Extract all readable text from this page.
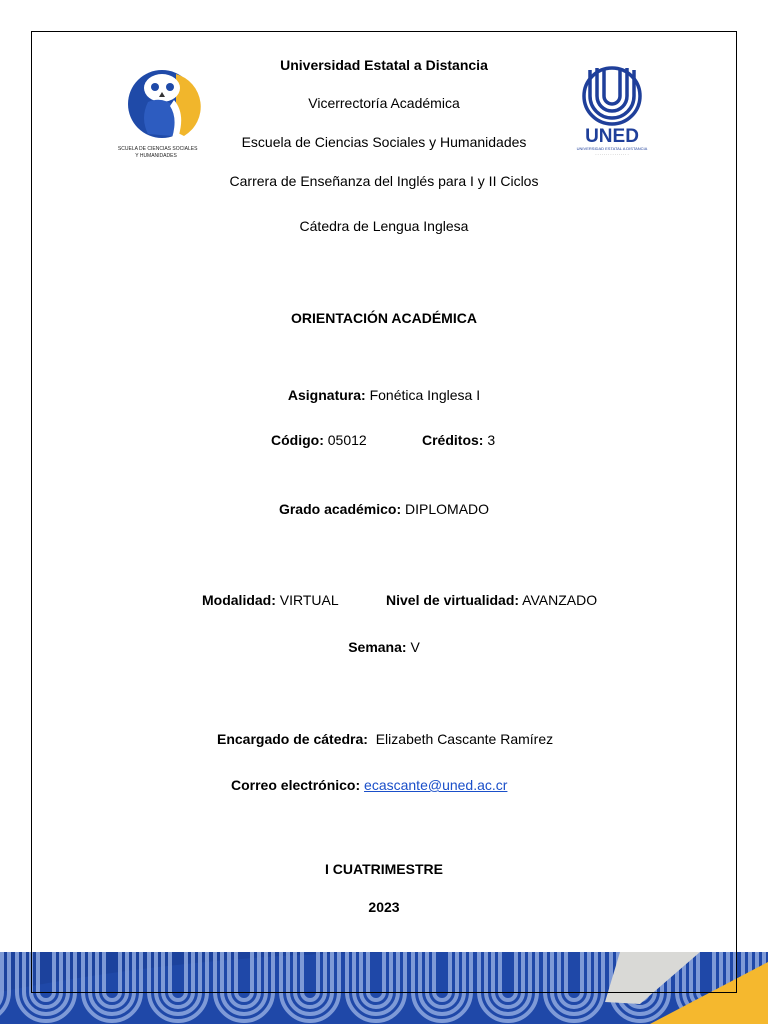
ESCUELA DE CIENCIAS SOCIALES
Y HUMANIDADES
UNED
UNIVERSIDAD ESTATAL A DISTANCIA
· · · · · · · · · · · · · · · ·
Universidad Estatal a Distancia
Vicerrectoría Académica
Escuela de Ciencias Sociales y Humanidades
Carrera de Enseñanza del Inglés para I y II Ciclos
Cátedra de Lengua Inglesa
ORIENTACIÓN ACADÉMICA
Asignatura: Fonética Inglesa I
Código: 05012	Créditos: 3
Grado académico: DIPLOMADO
Modalidad: VIRTUAL	Nivel de virtualidad: AVANZADO
Semana: V
Encargado de cátedra: Elizabeth Cascante Ramírez
Correo electrónico: ecascante@uned.ac.cr
I CUATRIMESTRE
2023
